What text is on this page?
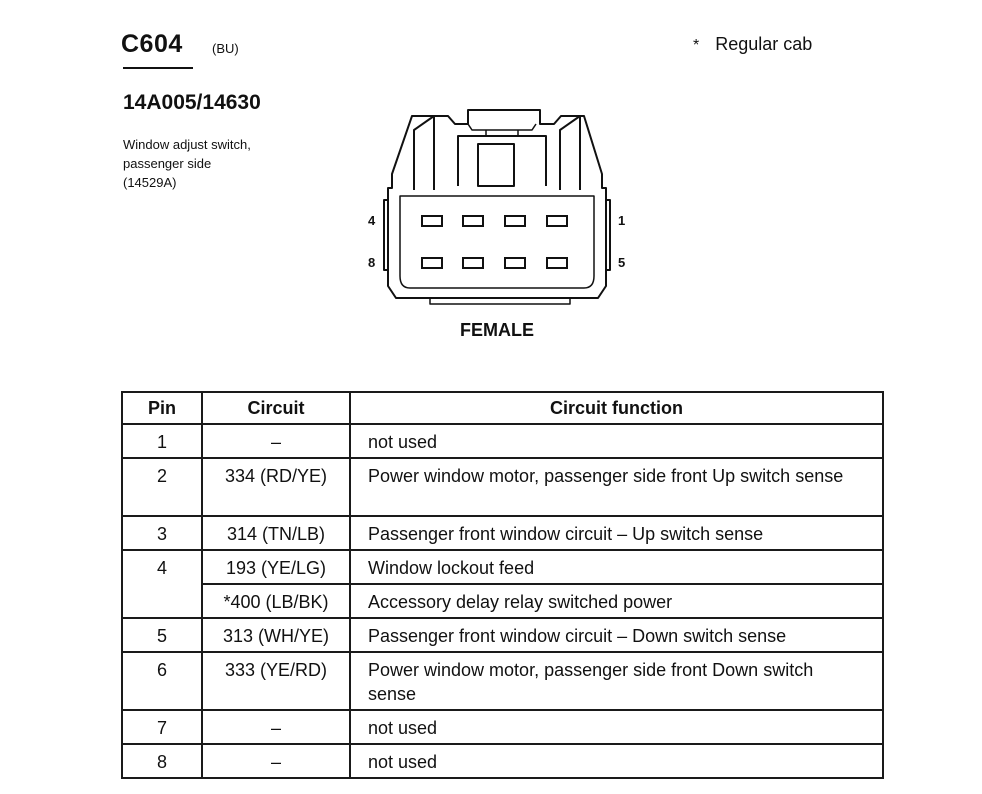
C604 (BU)	* Regular cab
14A005/14630
Window adjust switch, passenger side (14529A)
4
8
1
5
FEMALE
Pin	Circuit	Circuit function
1	–	not used
2	334 (RD/YE)	Power window motor, passenger side front Up switch sense
3	314 (TN/LB)	Passenger front window circuit – Up switch sense
4	193 (YE/LG)	Window lockout feed
	*400 (LB/BK)	Accessory delay relay switched power
5	313 (WH/YE)	Passenger front window circuit – Down switch sense
6	333 (YE/RD)	Power window motor, passenger side front Down switch sense
7	–	not used
8	–	not used
